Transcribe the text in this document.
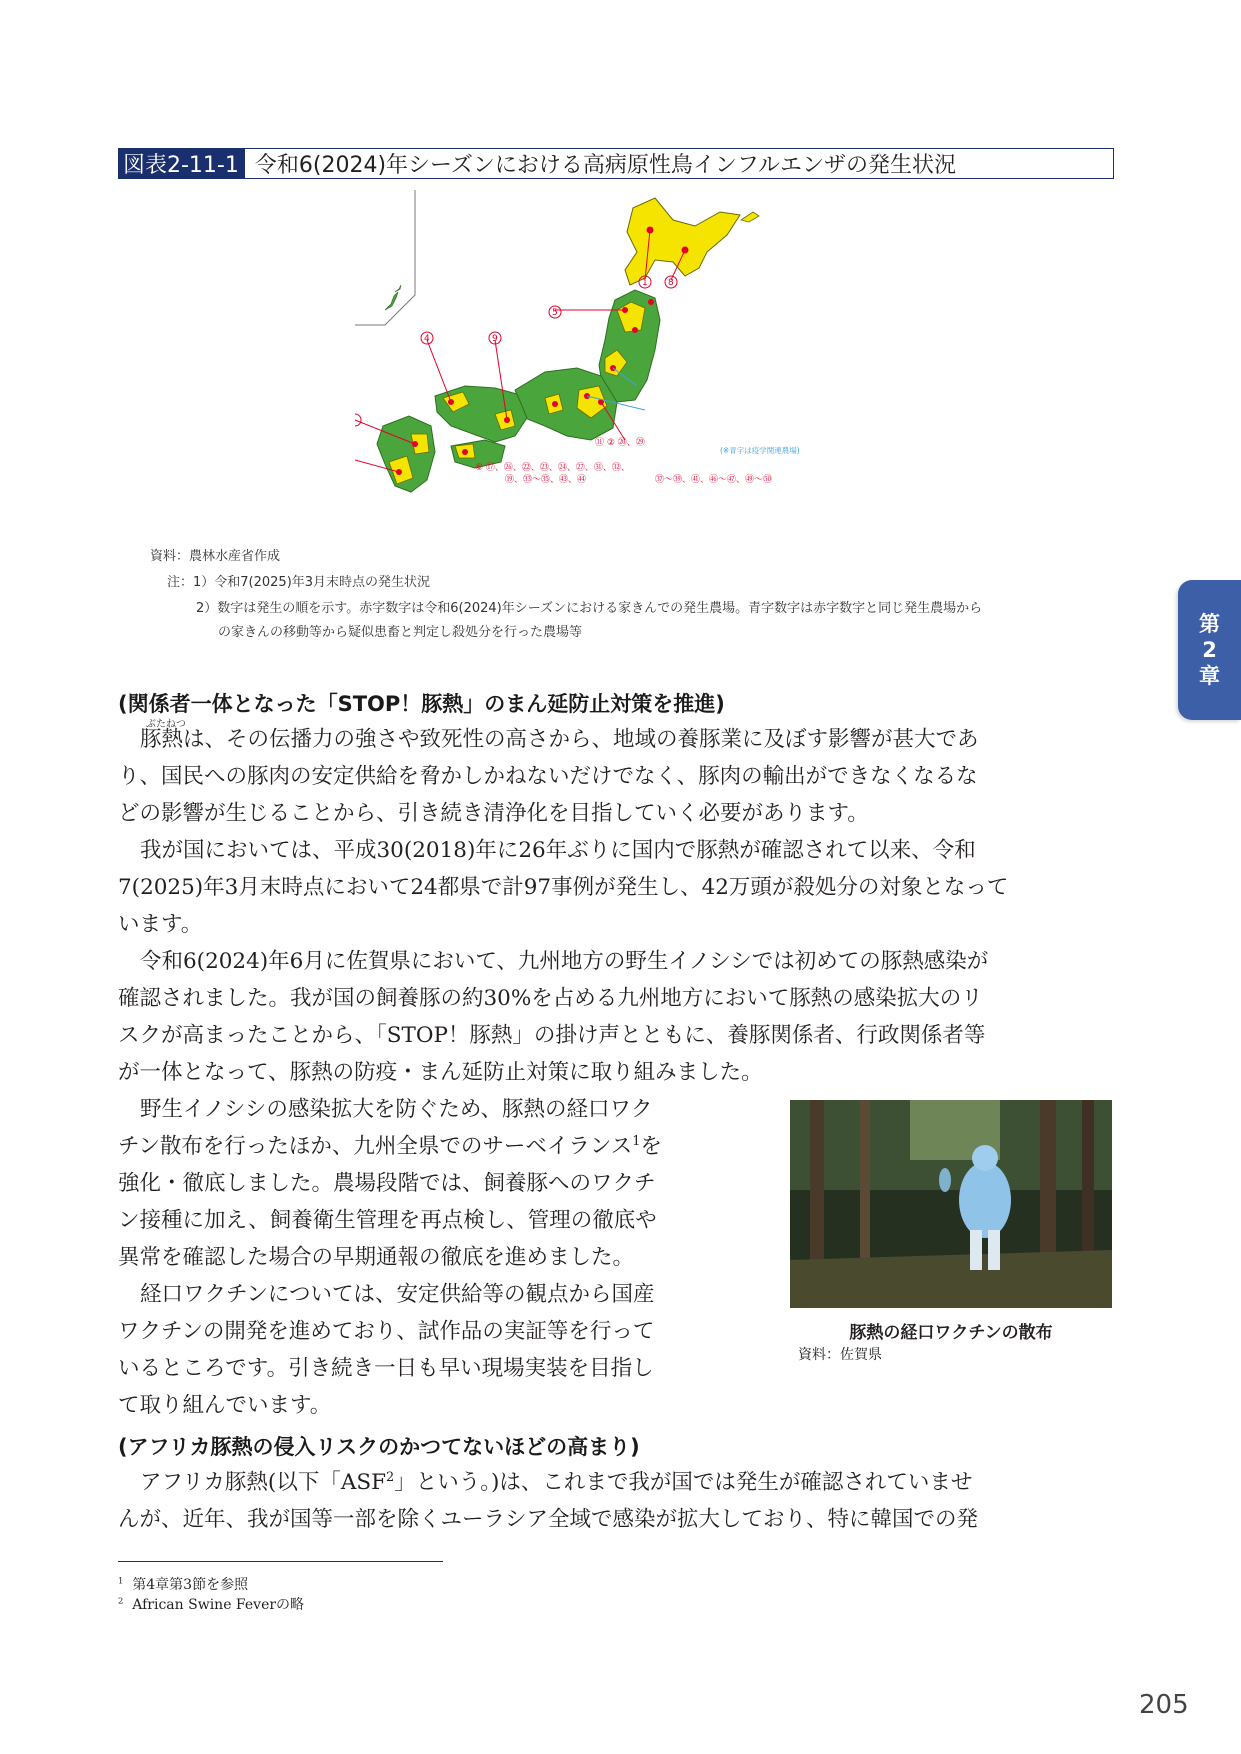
図表2-11-1 令和6(2024)年シーズンにおける高病原性鳥インフルエンザの発生状況
1 8
4	9
5
⑥ ⑰、㉖、㉒、㉓、㉔、㉗、㉛、㉜、
⑲、㉝〜㉟、㊸、㊹	㊲〜㊴、㊶、㊻〜㊼、㊾〜㊿
⑪ ② ⑳、㉙
(※青字は疫学関連農場)
資料：農林水産省作成
注：1）令和7(2025)年3月末時点の発生状況
2）数字は発生の順を示す。赤字数字は令和6(2024)年シーズンにおける家きんでの発生農場。青字数字は赤字数字と同じ発生農場から
の家きんの移動等から疑似患畜と判定し殺処分を行った農場等	第
2
章
(関係者一体となった「STOP！豚熱」のまん延防止対策を推進)
ぶたねつ
豚熱は、その伝播力の強さや致死性の高さから、地域の養豚業に及ぼす影響が甚大であ
り、国民への豚肉の安定供給を脅かしかねないだけでなく、豚肉の輸出ができなくなるな
どの影響が生じることから、引き続き清浄化を目指していく必要があります。
我が国においては、平成30(2018)年に26年ぶりに国内で豚熱が確認されて以来、令和
7(2025)年3月末時点において24都県で計97事例が発生し、42万頭が殺処分の対象となって
います。
令和6(2024)年6月に佐賀県において、九州地方の野生イノシシでは初めての豚熱感染が
確認されました。我が国の飼養豚の約30%を占める九州地方において豚熱の感染拡大のリ
スクが高まったことから、「STOP！豚熱」の掛け声とともに、養豚関係者、行政関係者等
が一体となって、豚熱の防疫・まん延防止対策に取り組みました。
野生イノシシの感染拡大を防ぐため、豚熱の経口ワク
チン散布を行ったほか、九州全県でのサーベイランス$^1$を
強化・徹底しました。農場段階では、飼養豚へのワクチ
ン接種に加え、飼養衛生管理を再点検し、管理の徹底や
異常を確認した場合の早期通報の徹底を進めました。
経口ワクチンについては、安定供給等の観点から国産
ワクチンの開発を進めており、試作品の実証等を行って
いるところです。引き続き一日も早い現場実装を目指し
て取り組んでいます。
豚熱の経口ワクチンの散布
資料：佐賀県
(アフリカ豚熱の侵入リスクのかつてないほどの高まり)
アフリカ豚熱(以下「ASF$^2$」という。)は、これまで我が国では発生が確認されていませ
んが、近年、我が国等一部を除くユーラシア全域で感染が拡大しており、特に韓国での発
$^1$ 第4章第3節を参照
$^2$ African Swine Feverの略
205
